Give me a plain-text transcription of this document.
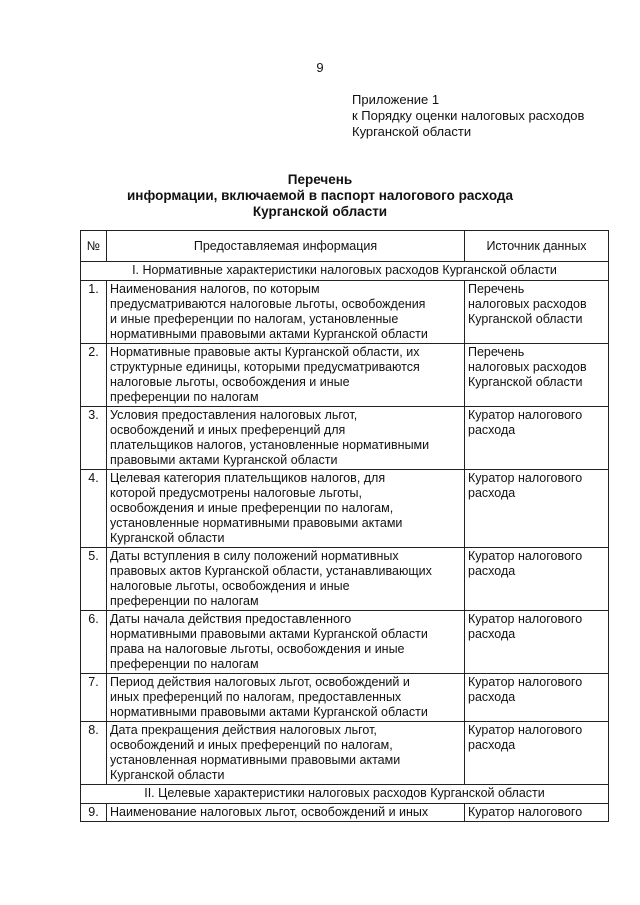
9
Приложение 1
к Порядку оценки налоговых расходов
Курганской области
Перечень
информации, включаемой в паспорт налогового расхода
Курганской области
№	Предоставляемая информация	Источник данных
I. Нормативные характеристики налоговых расходов Курганской области		
1.	Наименования налогов, по которым
предусматриваются налоговые льготы, освобождения
и иные преференции по налогам, установленные
нормативными правовыми актами Курганской области	Перечень
налоговых расходов
Курганской области
2.	Нормативные правовые акты Курганской области, их
структурные единицы, которыми предусматриваются
налоговые льготы, освобождения и иные
преференции по налогам	Перечень
налоговых расходов
Курганской области
3.	Условия предоставления налоговых льгот,
освобождений и иных преференций для
плательщиков налогов, установленные нормативными
правовыми актами Курганской области	Куратор налогового
расхода
4.	Целевая категория плательщиков налогов, для
которой предусмотрены налоговые льготы,
освобождения и иные преференции по налогам,
установленные нормативными правовыми актами
Курганской области	Куратор налогового
расхода
5.	Даты вступления в силу положений нормативных
правовых актов Курганской области, устанавливающих
налоговые льготы, освобождения и иные
преференции по налогам	Куратор налогового
расхода
6.	Даты начала действия предоставленного
нормативными правовыми актами Курганской области
права на налоговые льготы, освобождения и иные
преференции по налогам	Куратор налогового
расхода
7.	Период действия налоговых льгот, освобождений и
иных преференций по налогам, предоставленных
нормативными правовыми актами Курганской области	Куратор налогового
расхода
8.	Дата прекращения действия налоговых льгот,
освобождений и иных преференций по налогам,
установленная нормативными правовыми актами
Курганской области	Куратор налогового
расхода
II. Целевые характеристики налоговых расходов Курганской области		
9.	Наименование налоговых льгот, освобождений и иных	Куратор налогового
